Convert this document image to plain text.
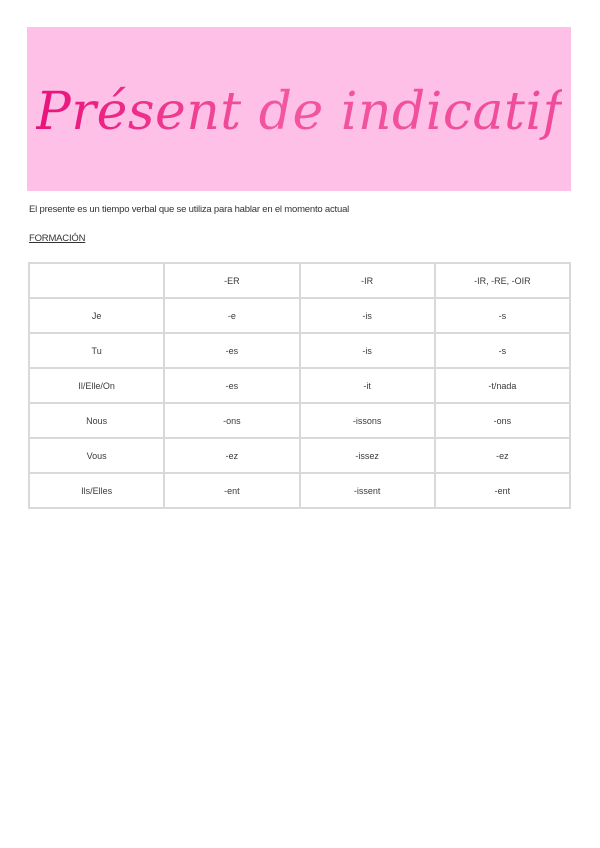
Présent de indicatif
El presente es un tiempo verbal que se utiliza para hablar en el momento actual
FORMACIÓN
	-ER	-IR	-IR, -RE, -OIR
Je	-e	-is	-s
Tu	-es	-is	-s
Il/Elle/On	-es	-it	-t/nada
Nous	-ons	-issons	-ons
Vous	-ez	-issez	-ez
Ils/Elles	-ent	-issent	-ent
